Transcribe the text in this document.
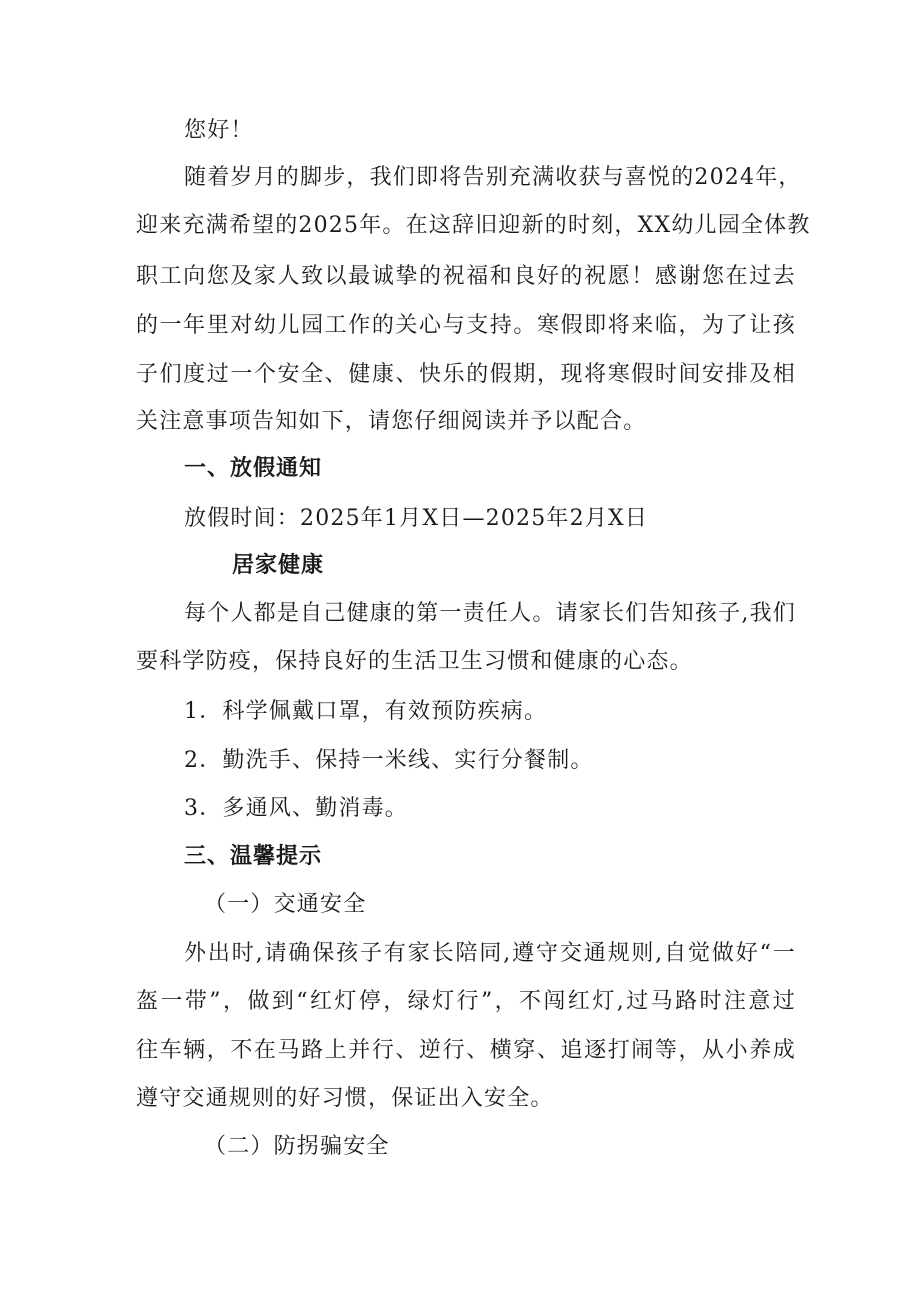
您好！
随着岁月的脚步，我们即将告别充满收获与喜悦的2024年，
迎来充满希望的2025年。在这辞旧迎新的时刻，XX幼儿园全体教
职工向您及家人致以最诚挚的祝福和良好的祝愿！感谢您在过去
的一年里对幼儿园工作的关心与支持。寒假即将来临，为了让孩
子们度过一个安全、健康、快乐的假期，现将寒假时间安排及相
关注意事项告知如下，请您仔细阅读并予以配合。
一、放假通知
放假时间：2025年1月X日—2025年2月X日
居家健康
每个人都是自己健康的第一责任人。请家长们告知孩子,我们
要科学防疫，保持良好的生活卫生习惯和健康的心态。
1．科学佩戴口罩，有效预防疾病。
2．勤洗手、保持一米线、实行分餐制。
3．多通风、勤消毒。
三、温馨提示
（一）交通安全
外出时,请确保孩子有家长陪同,遵守交通规则,自觉做好“一
盔一带”，做到“红灯停，绿灯行”，不闯红灯,过马路时注意过
往车辆，不在马路上并行、逆行、横穿、追逐打闹等，从小养成
遵守交通规则的好习惯，保证出入安全。
（二）防拐骗安全
